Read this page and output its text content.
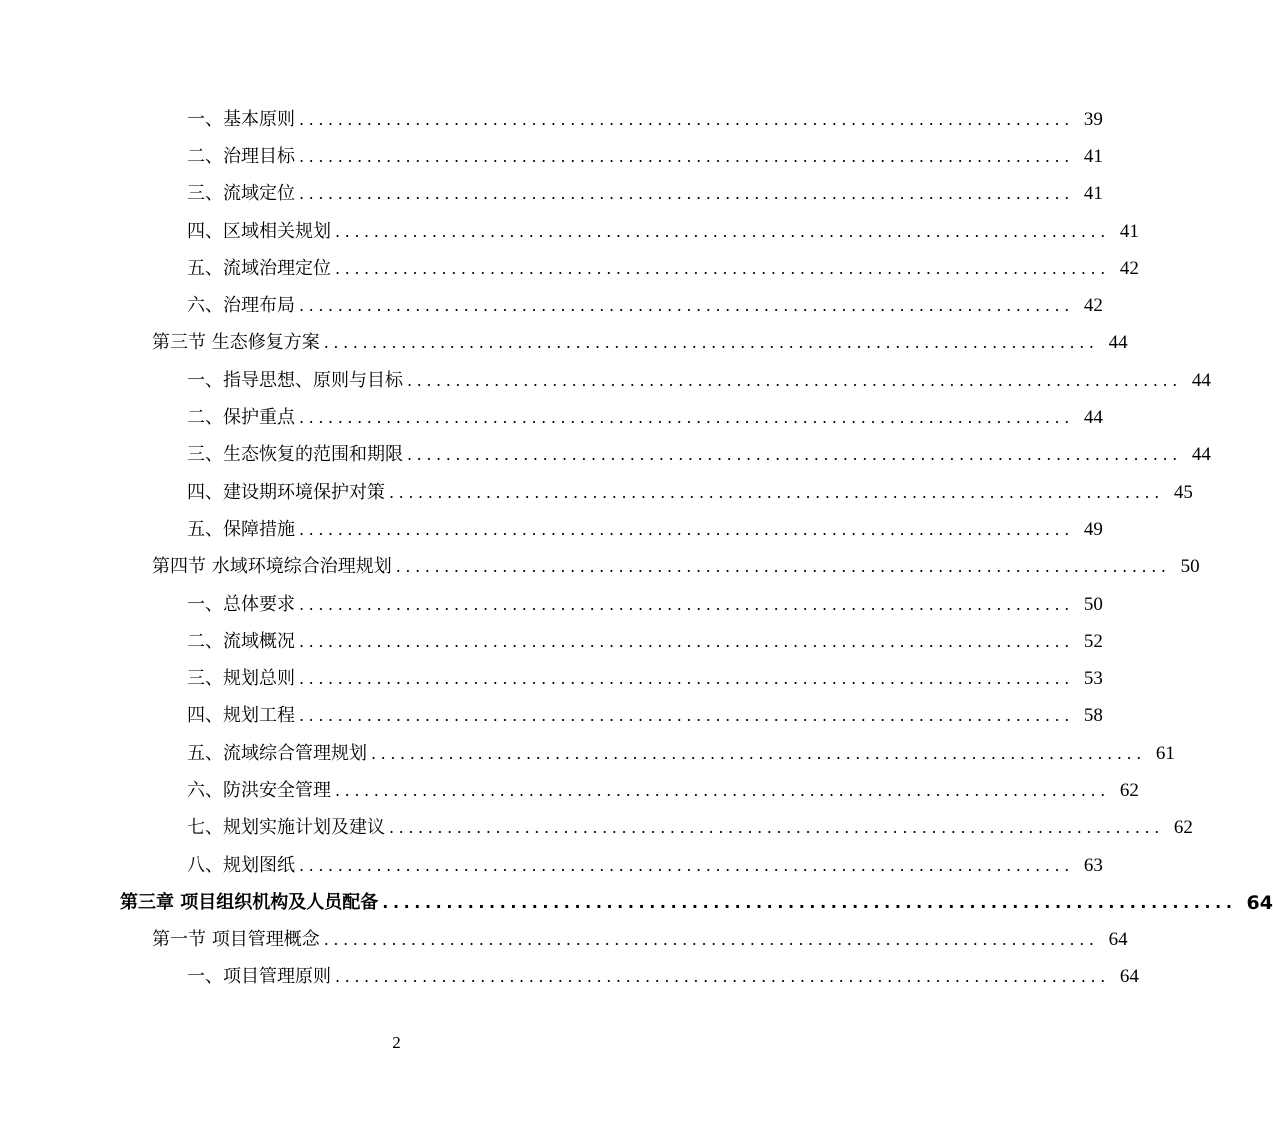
一、基本原则 ................................................................................ 39
二、治理目标 ................................................................................ 41
三、流域定位 ................................................................................ 41
四、区域相关规划 ................................................................................ 41
五、流域治理定位 ................................................................................ 42
六、治理布局 ................................................................................ 42
第三节 生态修复方案 ................................................................................ 44
一、指导思想、原则与目标 ................................................................................ 44
二、保护重点 ................................................................................ 44
三、生态恢复的范围和期限 ................................................................................ 44
四、建设期环境保护对策 ................................................................................ 45
五、保障措施 ................................................................................ 49
第四节 水域环境综合治理规划 ................................................................................ 50
一、总体要求 ................................................................................ 50
二、流域概况 ................................................................................ 52
三、规划总则 ................................................................................ 53
四、规划工程 ................................................................................ 58
五、流域综合管理规划 ................................................................................ 61
六、防洪安全管理 ................................................................................ 62
七、规划实施计划及建议 ................................................................................ 62
八、规划图纸 ................................................................................ 63
第三章 项目组织机构及人员配备 ................................................................................ 64
第一节 项目管理概念 ................................................................................ 64
一、项目管理原则 ................................................................................ 64
2
